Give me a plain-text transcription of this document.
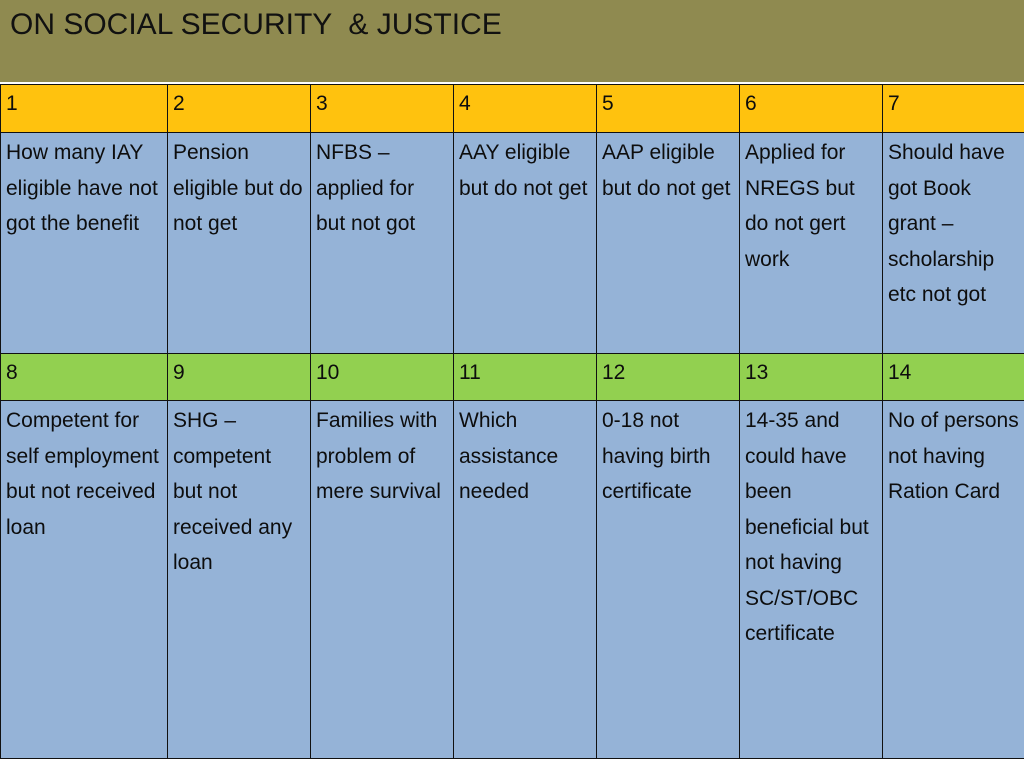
ON SOCIAL SECURITY  & JUSTICE
1	2	3	4	5	6	7
How many IAY eligible have not got the benefit	Pension eligible but do not get	NFBS – applied for but not got	AAY eligible but do not get	AAP eligible but do not get	Applied for NREGS but do not gert work	Should have got Book grant – scholarship etc not got
8	9	10	11	12	13	14
Competent for self employment but not received loan	SHG – competent but not received any loan	Families with problem of mere survival	Which assistance needed	0-18 not having birth certificate	14-35 and could have been beneficial but not having SC/ST/OBC certificate	No of persons not having Ration Card
